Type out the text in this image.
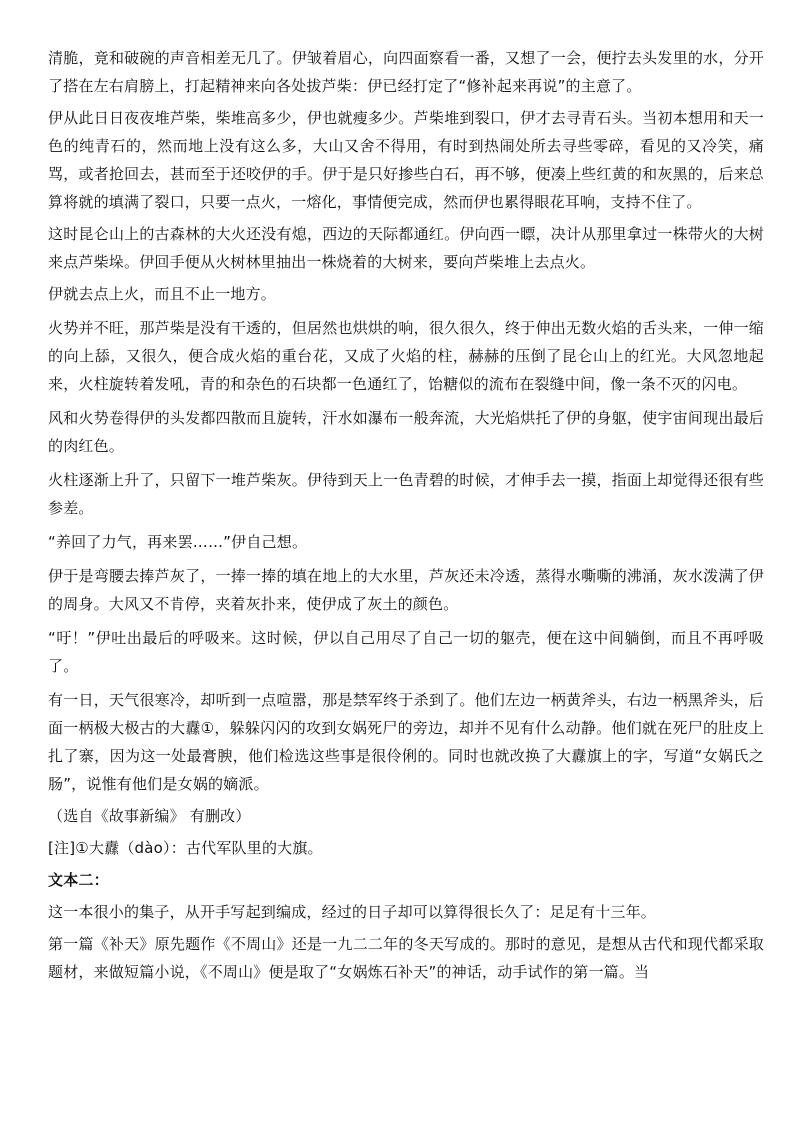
清脆，竟和破碗的声音相差无几了。伊皱着眉心，向四面察看一番，又想了一会，便拧去头发里的水，分开了搭在左右肩膀上，打起精神来向各处拔芦柴：伊已经打定了“修补起来再说”的主意了。

伊从此日日夜夜堆芦柴，柴堆高多少，伊也就瘦多少。芦柴堆到裂口，伊才去寻青石头。当初本想用和天一色的纯青石的，然而地上没有这么多，大山又舍不得用，有时到热闹处所去寻些零碎，看见的又冷笑，痛骂，或者抢回去，甚而至于还咬伊的手。伊于是只好掺些白石，再不够，便凑上些红黄的和灰黑的，后来总算将就的填满了裂口，只要一点火，一熔化，事情便完成，然而伊也累得眼花耳响，支持不住了。

这时昆仑山上的古森林的大火还没有熄，西边的天际都通红。伊向西一瞟，决计从那里拿过一株带火的大树来点芦柴垛。伊回手便从火树林里抽出一株烧着的大树来，要向芦柴堆上去点火。

伊就去点上火，而且不止一地方。

火势并不旺，那芦柴是没有干透的，但居然也烘烘的响，很久很久，终于伸出无数火焰的舌头来，一伸一缩的向上舔，又很久，便合成火焰的重台花，又成了火焰的柱，赫赫的压倒了昆仑山上的红光。大风忽地起来，火柱旋转着发吼，青的和杂色的石块都一色通红了，饴糖似的流布在裂缝中间，像一条不灭的闪电。

风和火势卷得伊的头发都四散而且旋转，汗水如瀑布一般奔流，大光焰烘托了伊的身躯，使宇宙间现出最后的肉红色。

火柱逐渐上升了，只留下一堆芦柴灰。伊待到天上一色青碧的时候，才伸手去一摸，指面上却觉得还很有些参差。

“养回了力气，再来罢……”伊自己想。

伊于是弯腰去捧芦灰了，一捧一捧的填在地上的大水里，芦灰还未冷透，蒸得水嘶嘶的沸涌，灰水泼满了伊的周身。大风又不肯停，夹着灰扑来，使伊成了灰土的颜色。

“吁！”伊吐出最后的呼吸来。这时候，伊以自己用尽了自己一切的躯壳，便在这中间躺倒，而且不再呼吸了。

有一日，天气很寒冷，却听到一点喧嚣，那是禁军终于杀到了。他们左边一柄黄斧头，右边一柄黑斧头，后面一柄极大极古的大纛①，躲躲闪闪的攻到女娲死尸的旁边，却并不见有什么动静。他们就在死尸的肚皮上扎了寨，因为这一处最膏腴，他们检选这些事是很伶俐的。同时也就改换了大纛旗上的字，写道“女娲氏之肠”，说惟有他们是女娲的嫡派。

（选自《故事新编》 有删改）

[注]①大纛（dào）：古代军队里的大旗。

文本二：

这一本很小的集子，从开手写起到编成，经过的日子却可以算得很长久了：足足有十三年。

第一篇《补天》原先题作《不周山》还是一九二二年的冬天写成的。那时的意见，是想从古代和现代都采取题材，来做短篇小说，《不周山》便是取了“女娲炼石补天”的神话，动手试作的第一篇。当
